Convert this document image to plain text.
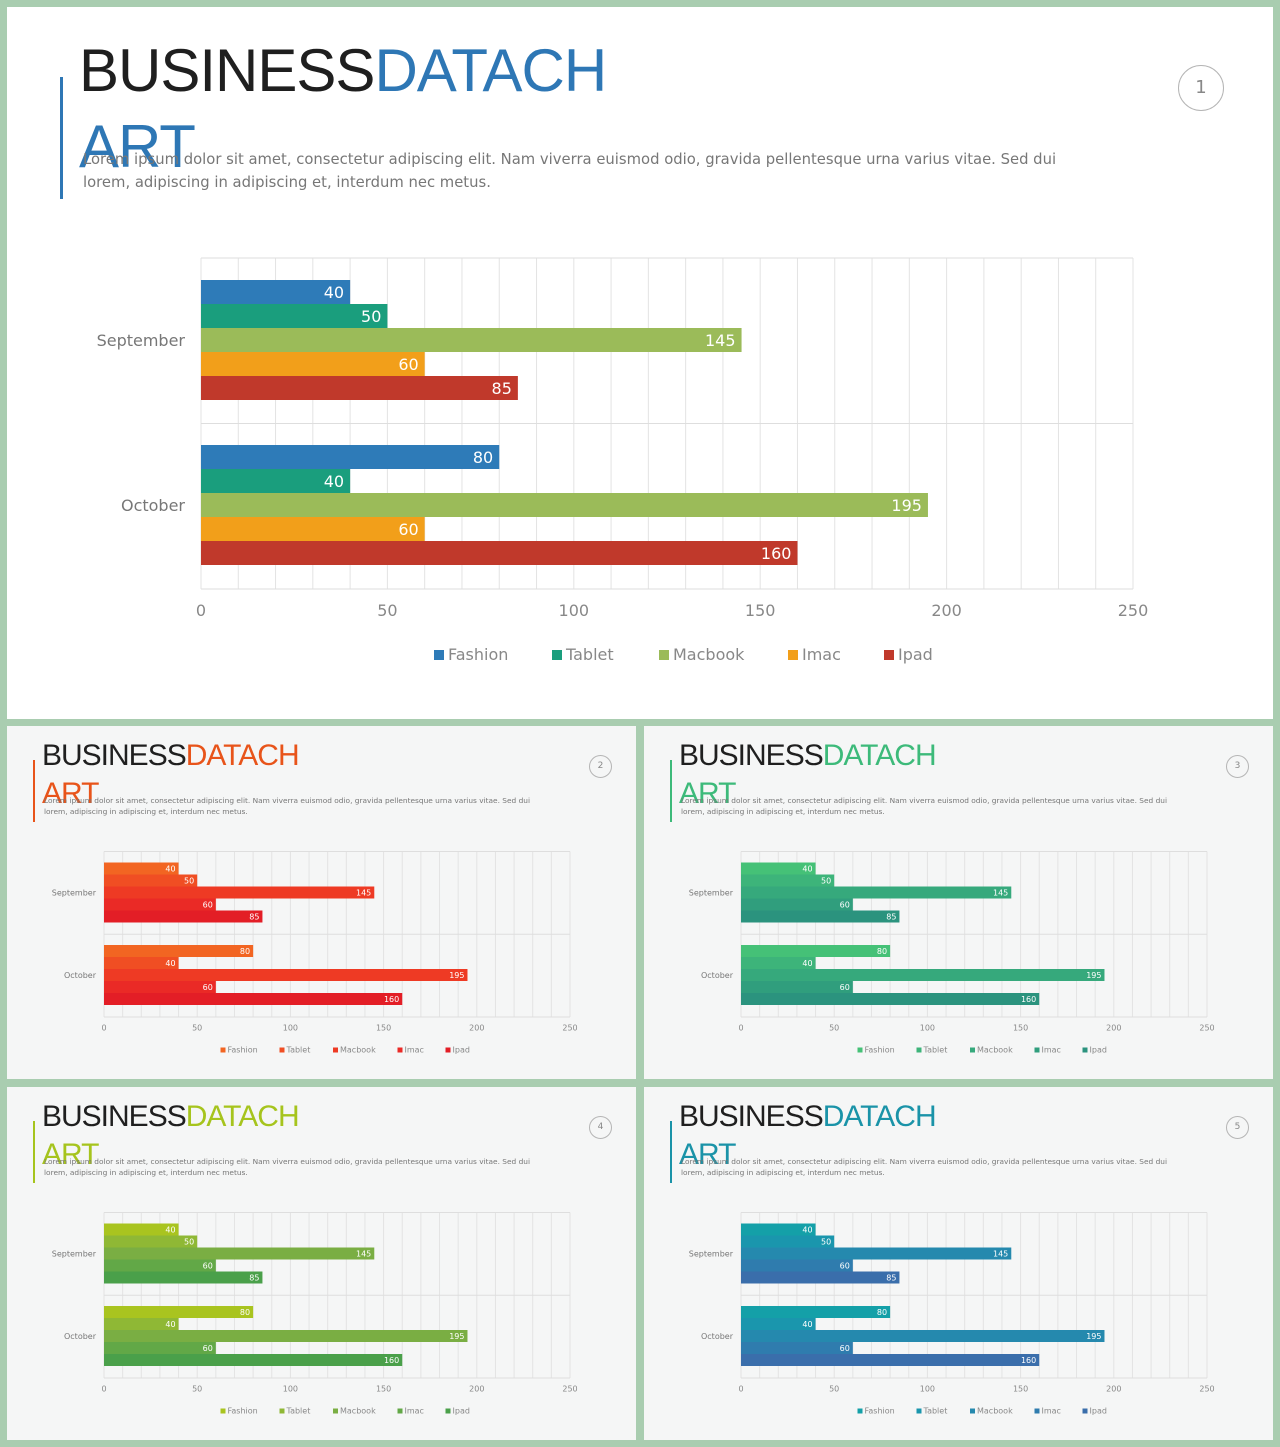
BUSINESSDATACH
ART
Lorem ipsum dolor sit amet, consectetur adipiscing elit. Nam viverra euismod odio, gravida pellentesque urna varius vitae. Sed dui
lorem, adipiscing in adipiscing et, interdum nec metus.
1
September
40
50
145
60
85
October
80
40
195
60
160
0	50	100	150	200	250
Fashion	Tablet	Macbook	Imac	Ipad
BUSINESSDATACH
ART
Lorem ipsum dolor sit amet, consectetur adipiscing elit. Nam viverra euismod odio, gravida pellentesque urna varius vitae. Sed dui
lorem, adipiscing in adipiscing et, interdum nec metus.
2
September
40
50
145
60
85
October
80
40
195
60
160
0	50	100	150	200	250
Fashion	Tablet	Macbook	Imac	Ipad
BUSINESSDATACH
ART
Lorem ipsum dolor sit amet, consectetur adipiscing elit. Nam viverra euismod odio, gravida pellentesque urna varius vitae. Sed dui
lorem, adipiscing in adipiscing et, interdum nec metus.
3
September
40
50
145
60
85
October
80
40
195
60
160
0	50	100	150	200	250
Fashion	Tablet	Macbook	Imac	Ipad
BUSINESSDATACH
ART
Lorem ipsum dolor sit amet, consectetur adipiscing elit. Nam viverra euismod odio, gravida pellentesque urna varius vitae. Sed dui
lorem, adipiscing in adipiscing et, interdum nec metus.
4
September
40
50
145
60
85
October
80
40
195
60
160
0	50	100	150	200	250
Fashion	Tablet	Macbook	Imac	Ipad
BUSINESSDATACH
ART
Lorem ipsum dolor sit amet, consectetur adipiscing elit. Nam viverra euismod odio, gravida pellentesque urna varius vitae. Sed dui
lorem, adipiscing in adipiscing et, interdum nec metus.
5
September
40
50
145
60
85
October
80
40
195
60
160
0	50	100	150	200	250
Fashion	Tablet	Macbook	Imac	Ipad
